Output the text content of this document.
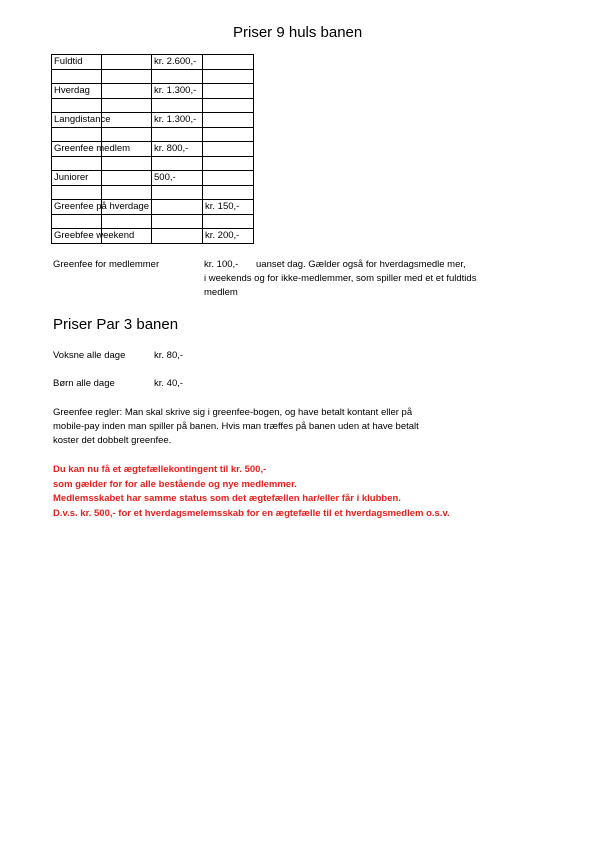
Priser 9 huls banen
Fuldtid		kr. 2.600,-	

Hverdag		kr. 1.300,-	

Langdistance		kr. 1.300,-	

Greenfee medlem		kr. 800,-	

Juniorer		500,-	

Greenfee på hverdage			kr. 150,-

Greebfee weekend			kr. 200,-
Greenfee for medlemmer	kr. 100,- uanset dag. Gælder også for hverdagsmedle mer,
i weekends og for ikke-medlemmer, som spiller med et et fuldtids
medlem
Priser Par 3 banen
Voksne alle dage	kr. 80,-
Børn alle dage	kr. 40,-
Greenfee regler: Man skal skrive sig i greenfee-bogen, og have betalt kontant eller på
mobile-pay inden man spiller på banen. Hvis man træffes på banen uden at have betalt
koster det dobbelt greenfee.
Du kan nu få et ægtefællekontingent til kr. 500,-
som gælder for for alle bestående og nye medlemmer.
Medlemsskabet har samme status som det ægtefællen har/eller får i klubben.
D.v.s. kr. 500,- for et hverdagsmelemsskab for en ægtefælle til et hverdagsmedlem o.s.v.
